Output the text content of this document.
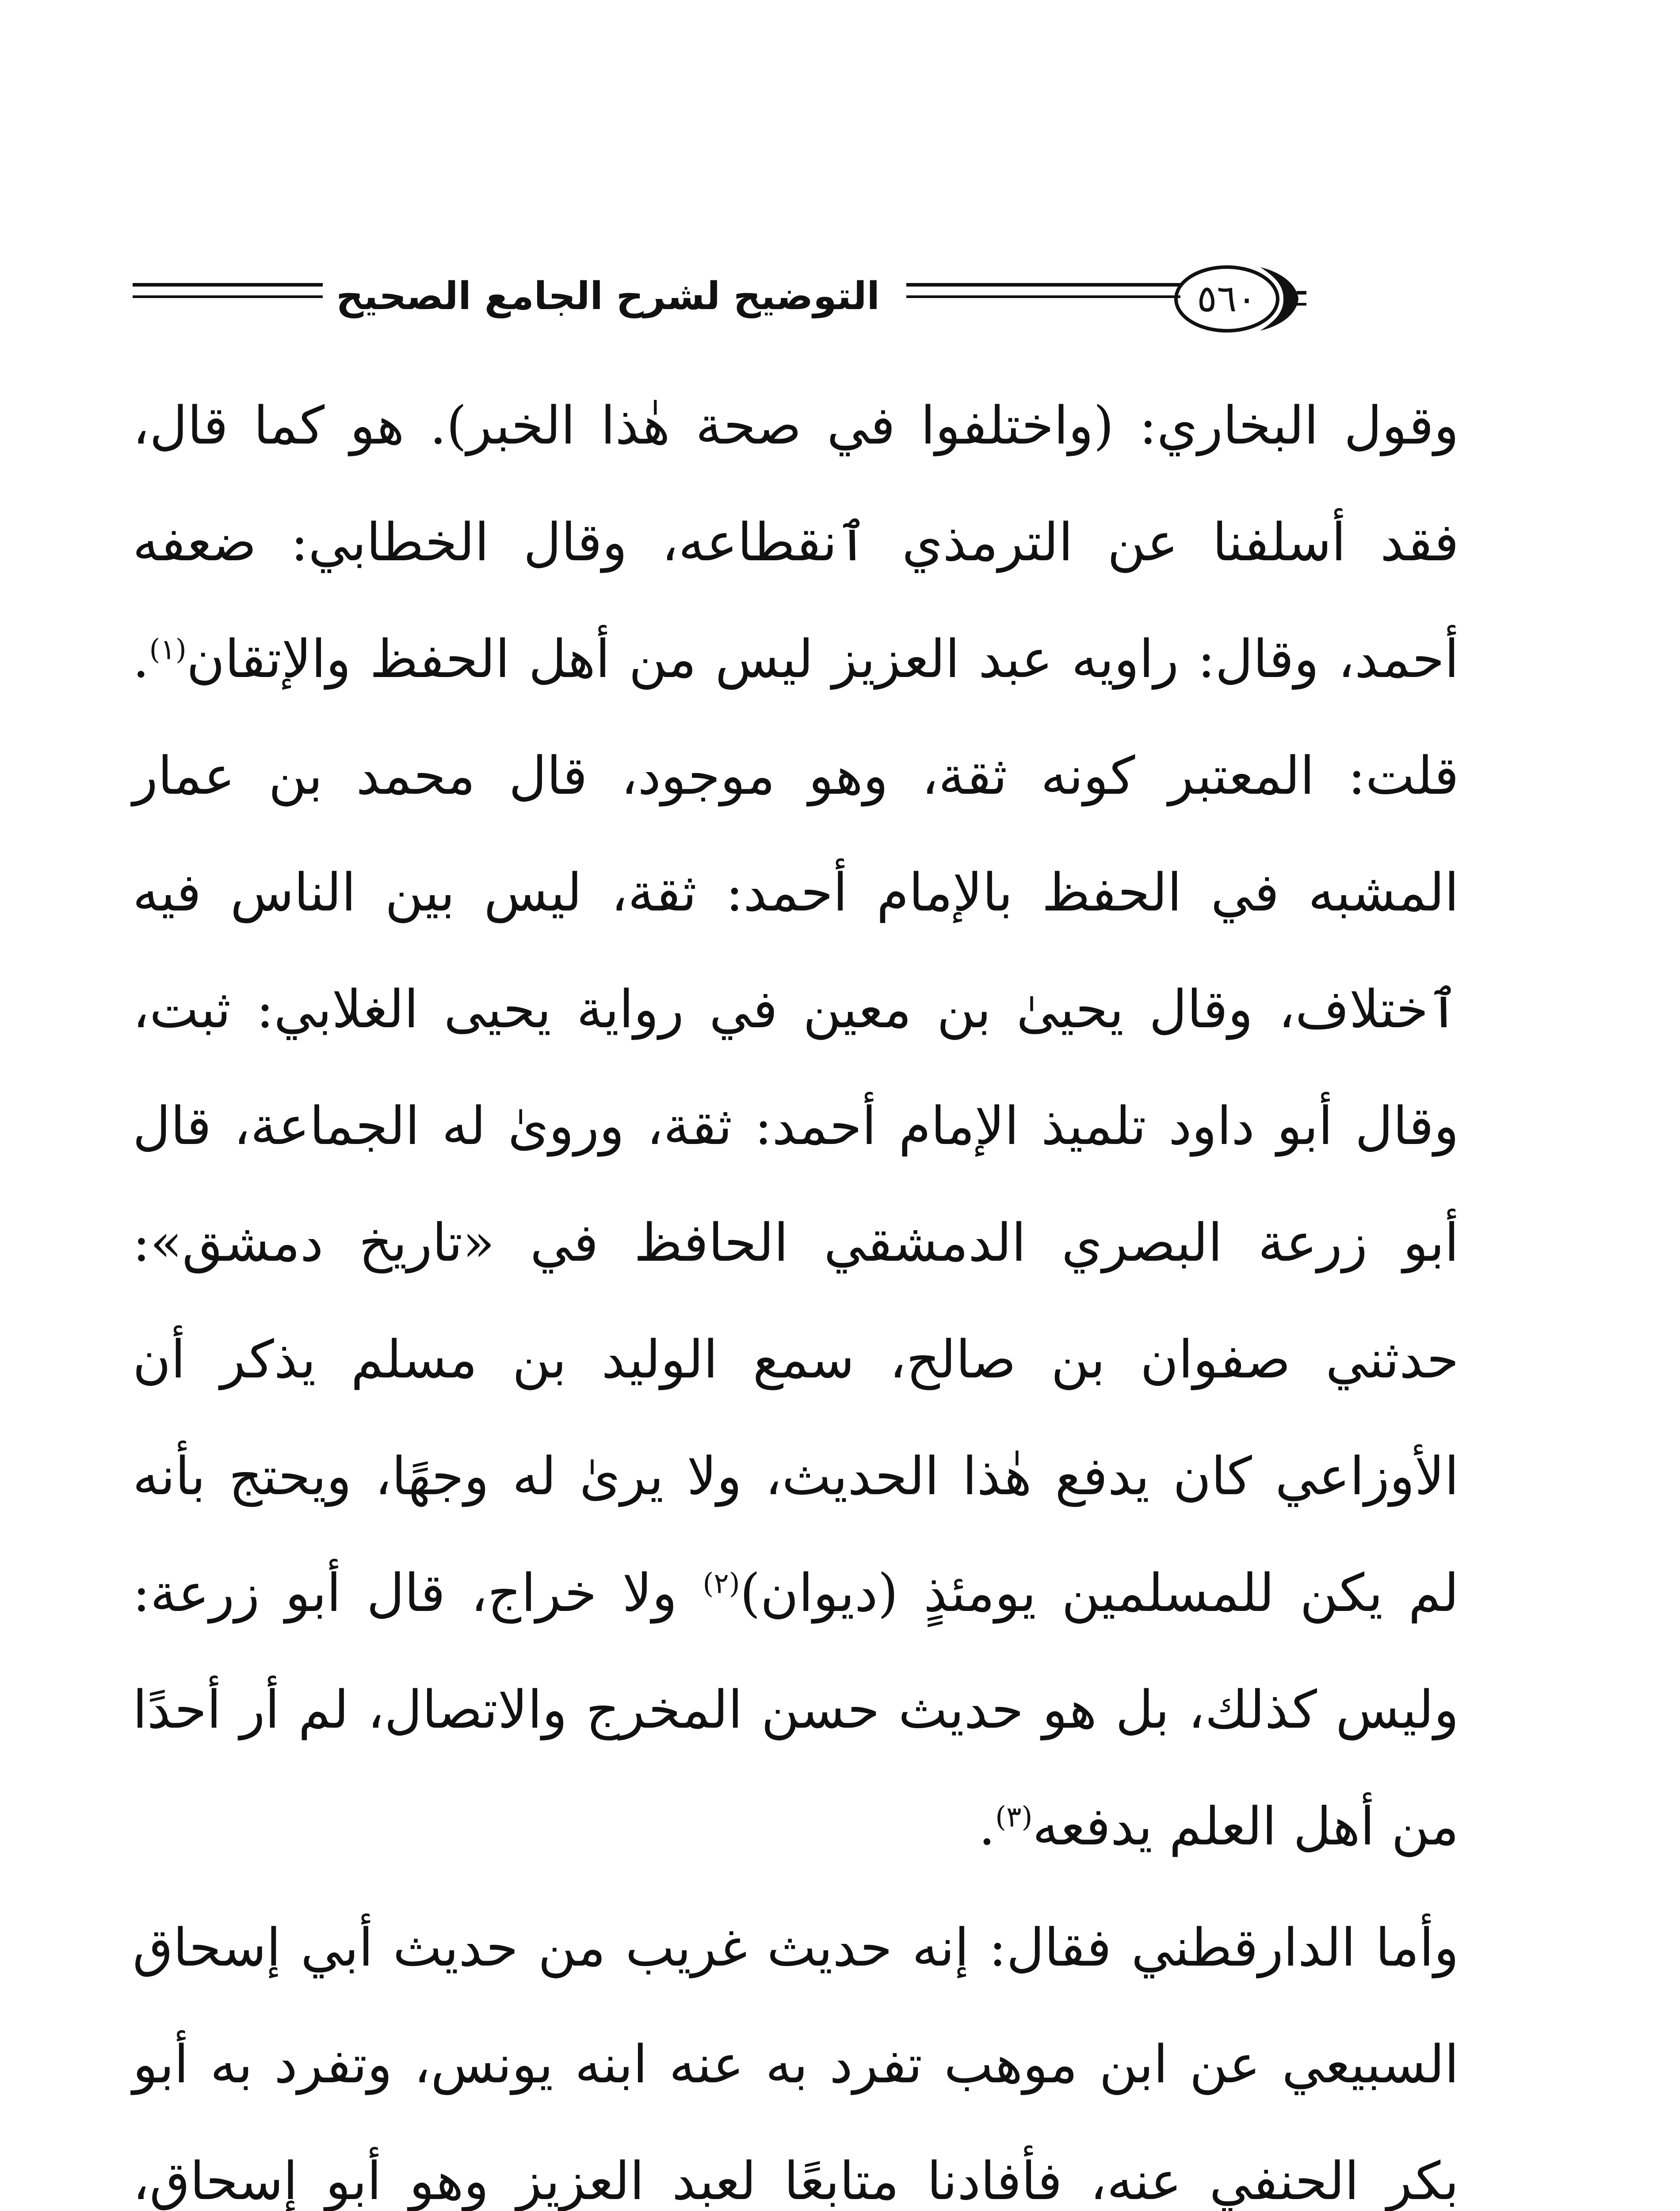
التوضيح لشرح الجامع الصحيح	٥٦٠

وقول البخاري: (واختلفوا في صحة هٰذا الخبر). هو كما قال، فقد أسلفنا عن الترمذي ٱنقطاعه، وقال الخطابي: ضعفه أحمد، وقال: راويه عبد العزيز ليس من أهل الحفظ والإتقان$^{(١)}$. قلت: المعتبر كونه ثقة، وهو موجود، قال محمد بن عمار المشبه في الحفظ بالإمام أحمد: ثقة، ليس بين الناس فيه ٱختلاف، وقال يحيىٰ بن معين في رواية يحيى الغلابي: ثبت، وقال أبو داود تلميذ الإمام أحمد: ثقة، ورویٰ له الجماعة، قال أبو زرعة البصري الدمشقي الحافظ في «تاريخ دمشق»: حدثني صفوان بن صالح، سمع الوليد بن مسلم يذكر أن الأوزاعي كان يدفع هٰذا الحديث، ولا يرىٰ له وجهًا، ويحتج بأنه لم يكن للمسلمين يومئذٍ (ديوان)$^{(٢)}$ ولا خراج، قال أبو زرعة: وليس كذلك، بل هو حديث حسن المخرج والاتصال، لم أر أحدًا من أهل العلم يدفعه$^{(٣)}$.

وأما الدارقطني فقال: إنه حديث غريب من حديث أبي إسحاق السبيعي عن ابن موهب تفرد به عنه ابنه يونس، وتفرد به أبو بكر الحنفي عنه، فأفادنا متابعًا لعبد العزيز وهو أبو إسحاق،
